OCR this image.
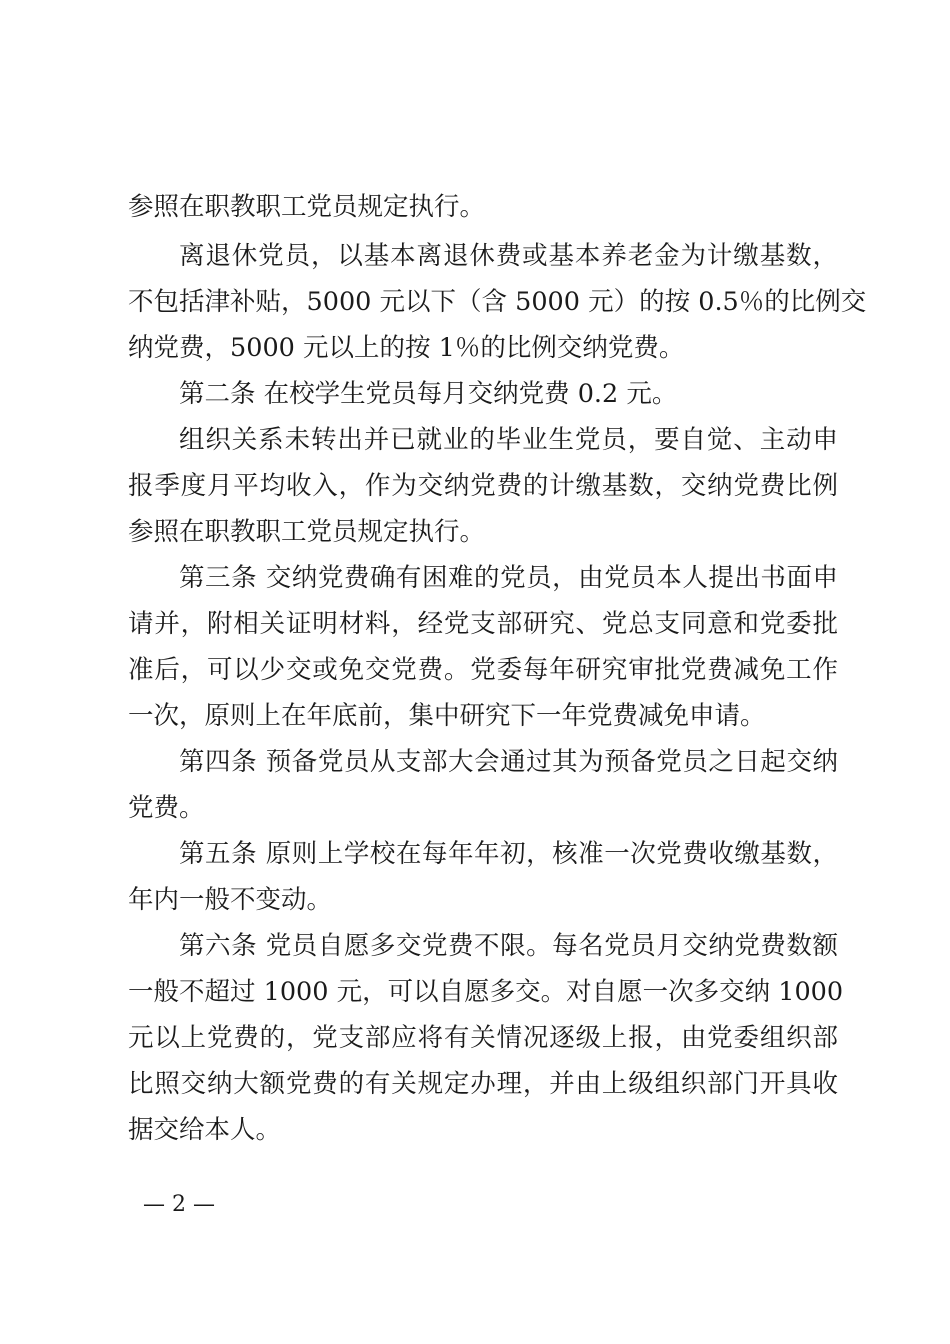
参照在职教职工党员规定执行。
离退休党员，以基本离退休费或基本养老金为计缴基数，
不包括津补贴，5000 元以下（含 5000 元）的按 0.5％的比例交
纳党费，5000 元以上的按 1％的比例交纳党费。
第二条 在校学生党员每月交纳党费 0.2 元。
组织关系未转出并已就业的毕业生党员，要自觉、主动申
报季度月平均收入，作为交纳党费的计缴基数，交纳党费比例
参照在职教职工党员规定执行。
第三条 交纳党费确有困难的党员，由党员本人提出书面申
请并，附相关证明材料，经党支部研究、党总支同意和党委批
准后，可以少交或免交党费。党委每年研究审批党费减免工作
一次，原则上在年底前，集中研究下一年党费减免申请。
第四条 预备党员从支部大会通过其为预备党员之日起交纳
党费。
第五条 原则上学校在每年年初，核准一次党费收缴基数，
年内一般不变动。
第六条 党员自愿多交党费不限。每名党员月交纳党费数额
一般不超过 1000 元，可以自愿多交。对自愿一次多交纳 1000
元以上党费的，党支部应将有关情况逐级上报，由党委组织部
比照交纳大额党费的有关规定办理，并由上级组织部门开具收
据交给本人。
— 2 —
